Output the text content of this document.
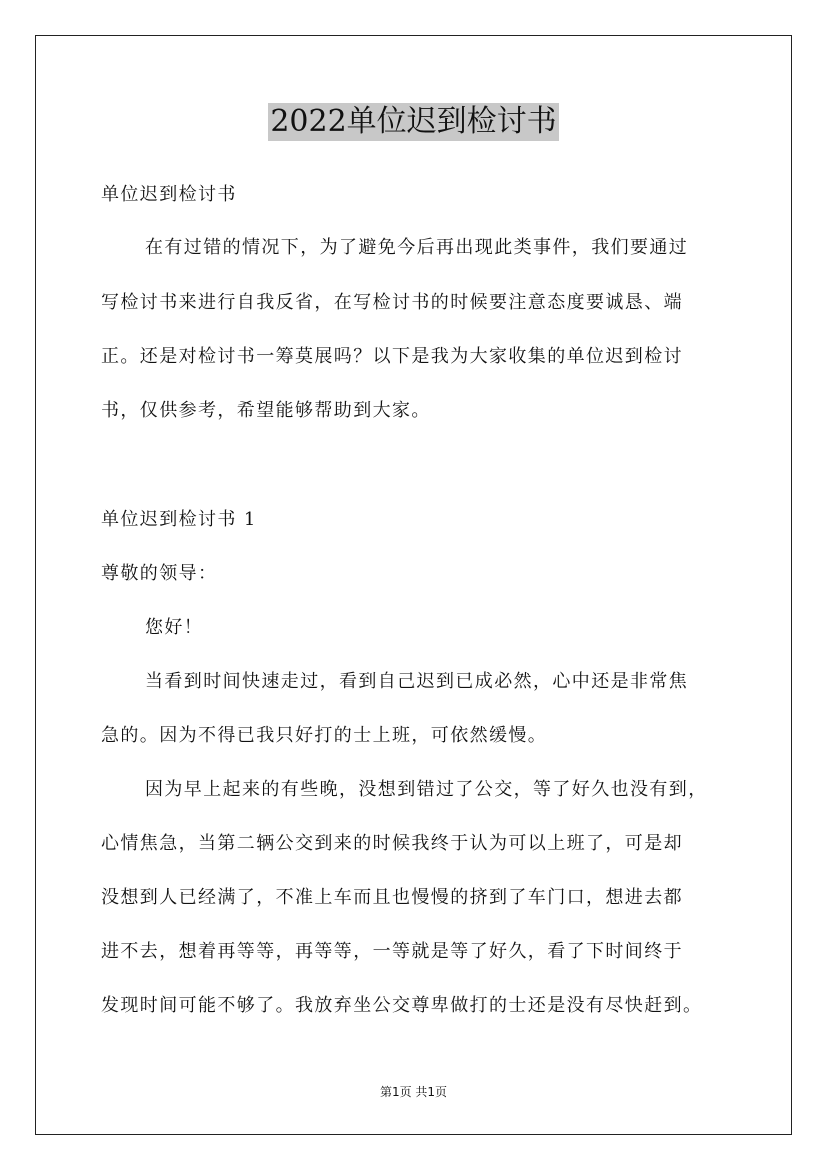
2022单位迟到检讨书
单位迟到检讨书
在有过错的情况下，为了避免今后再出现此类事件，我们要通过
写检讨书来进行自我反省，在写检讨书的时候要注意态度要诚恳、端
正。还是对检讨书一筹莫展吗？以下是我为大家收集的单位迟到检讨
书，仅供参考，希望能够帮助到大家。
单位迟到检讨书 1
尊敬的领导：
您好！
当看到时间快速走过，看到自己迟到已成必然，心中还是非常焦
急的。因为不得已我只好打的士上班，可依然缓慢。
因为早上起来的有些晚，没想到错过了公交，等了好久也没有到，
心情焦急，当第二辆公交到来的时候我终于认为可以上班了，可是却
没想到人已经满了，不准上车而且也慢慢的挤到了车门口，想进去都
进不去，想着再等等，再等等，一等就是等了好久，看了下时间终于
发现时间可能不够了。我放弃坐公交尊卑做打的士还是没有尽快赶到。
第1页 共1页
